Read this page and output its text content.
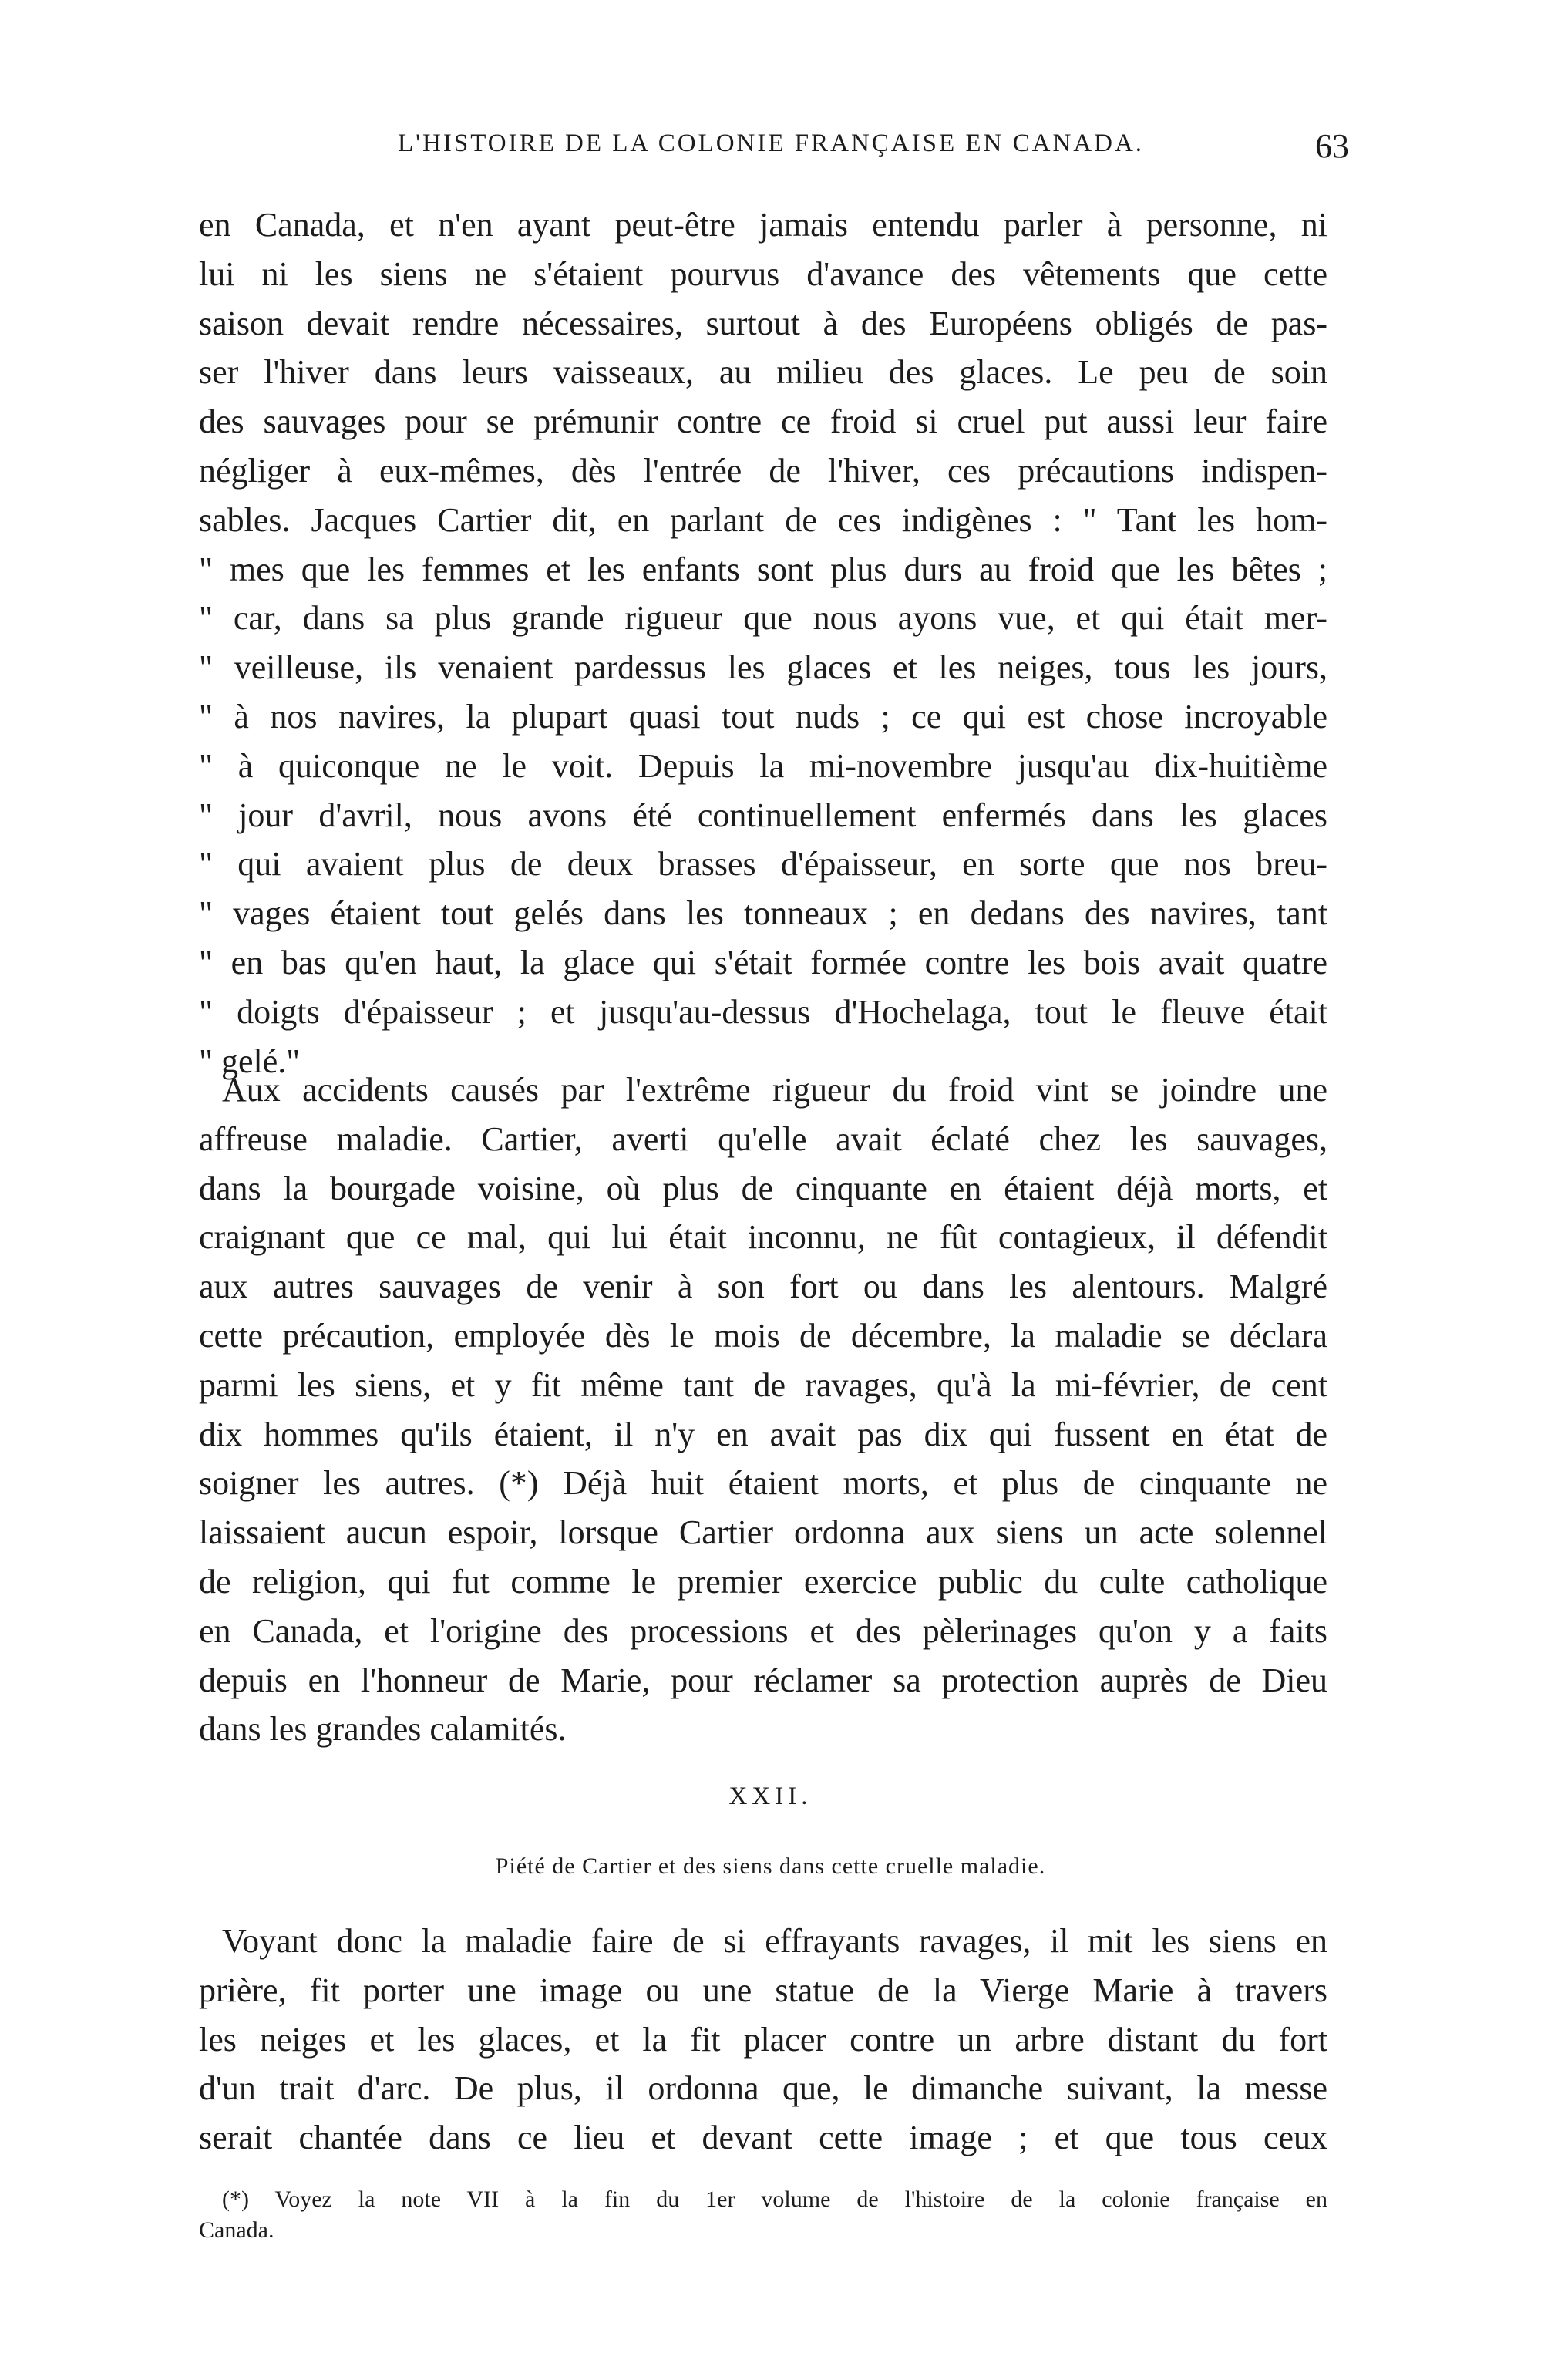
L'HISTOIRE DE LA COLONIE FRANÇAISE EN CANADA.	63
en Canada, et n'en ayant peut-être jamais entendu parler à personne, ni
lui ni les siens ne s'étaient pourvus d'avance des vêtements que cette
saison devait rendre nécessaires, surtout à des Européens obligés de pas-
ser l'hiver dans leurs vaisseaux, au milieu des glaces. Le peu de soin
des sauvages pour se prémunir contre ce froid si cruel put aussi leur faire
négliger à eux-mêmes, dès l'entrée de l'hiver, ces précautions indispen-
sables. Jacques Cartier dit, en parlant de ces indigènes : " Tant les hom-
" mes que les femmes et les enfants sont plus durs au froid que les bêtes ;
" car, dans sa plus grande rigueur que nous ayons vue, et qui était mer-
" veilleuse, ils venaient pardessus les glaces et les neiges, tous les jours,
" à nos navires, la plupart quasi tout nuds ; ce qui est chose incroyable
" à quiconque ne le voit. Depuis la mi-novembre jusqu'au dix-huitième
" jour d'avril, nous avons été continuellement enfermés dans les glaces
" qui avaient plus de deux brasses d'épaisseur, en sorte que nos breu-
" vages étaient tout gelés dans les tonneaux ; en dedans des navires, tant
" en bas qu'en haut, la glace qui s'était formée contre les bois avait quatre
" doigts d'épaisseur ; et jusqu'au-dessus d'Hochelaga, tout le fleuve était
" gelé."
Aux accidents causés par l'extrême rigueur du froid vint se joindre une
affreuse maladie. Cartier, averti qu'elle avait éclaté chez les sauvages,
dans la bourgade voisine, où plus de cinquante en étaient déjà morts, et
craignant que ce mal, qui lui était inconnu, ne fût contagieux, il défendit
aux autres sauvages de venir à son fort ou dans les alentours. Malgré
cette précaution, employée dès le mois de décembre, la maladie se déclara
parmi les siens, et y fit même tant de ravages, qu'à la mi-février, de cent
dix hommes qu'ils étaient, il n'y en avait pas dix qui fussent en état de
soigner les autres. (*) Déjà huit étaient morts, et plus de cinquante ne
laissaient aucun espoir, lorsque Cartier ordonna aux siens un acte solennel
de religion, qui fut comme le premier exercice public du culte catholique
en Canada, et l'origine des processions et des pèlerinages qu'on y a faits
depuis en l'honneur de Marie, pour réclamer sa protection auprès de Dieu
dans les grandes calamités.
XXII.
Piété de Cartier et des siens dans cette cruelle maladie.
Voyant donc la maladie faire de si effrayants ravages, il mit les siens en
prière, fit porter une image ou une statue de la Vierge Marie à travers
les neiges et les glaces, et la fit placer contre un arbre distant du fort
d'un trait d'arc. De plus, il ordonna que, le dimanche suivant, la messe
serait chantée dans ce lieu et devant cette image ; et que tous ceux
(*) Voyez la note VII à la fin du 1er volume de l'histoire de la colonie française en
Canada.
